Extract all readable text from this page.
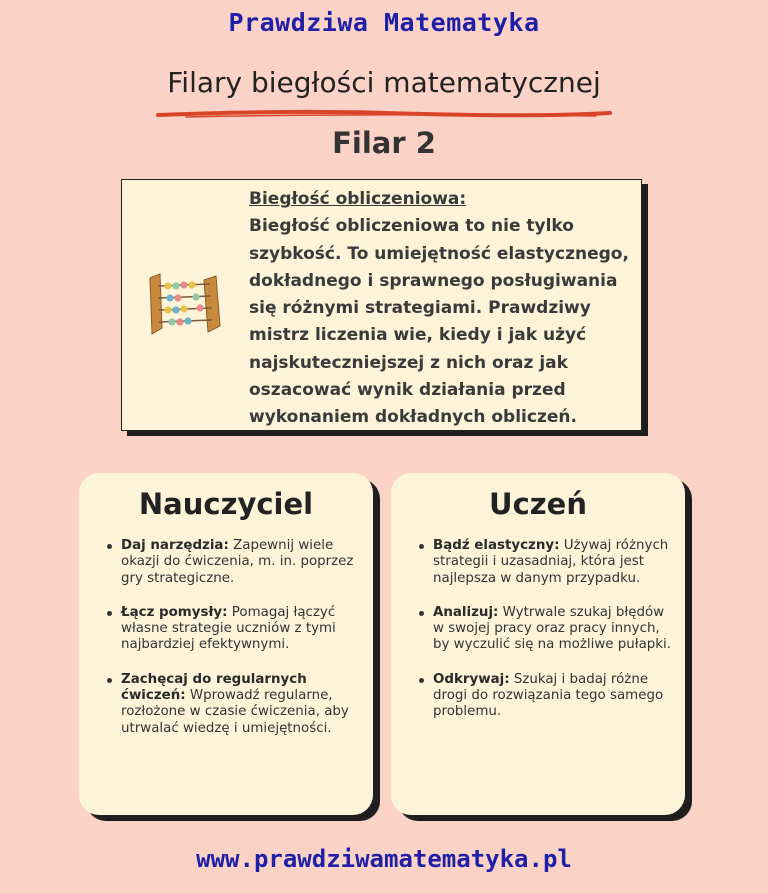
Prawdziwa Matematyka
Filary biegłości matematycznej
Filar 2
Biegłość obliczeniowa:
Biegłość obliczeniowa to nie tylko szybkość. To umiejętność elastycznego, dokładnego i sprawnego posługiwania się różnymi strategiami. Prawdziwy mistrz liczenia wie, kiedy i jak użyć najskuteczniejszej z nich oraz jak oszacować wynik działania przed wykonaniem dokładnych obliczeń.
Nauczyciel
Daj narzędzia: Zapewnij wiele okazji do ćwiczenia, m. in. poprzez gry strategiczne.
Łącz pomysły: Pomagaj łączyć własne strategie uczniów z tymi najbardziej efektywnymi.
Zachęcaj do regularnych ćwiczeń: Wprowadź regularne, rozłożone w czasie ćwiczenia, aby utrwalać wiedzę i umiejętności.
Uczeń
Bądź elastyczny: Używaj różnych strategii i uzasadniaj, która jest najlepsza w danym przypadku.
Analizuj: Wytrwale szukaj błędów w swojej pracy oraz pracy innych, by wyczulić się na możliwe pułapki.
Odkrywaj: Szukaj i badaj różne drogi do rozwiązania tego samego problemu.
www.prawdziwamatematyka.pl
